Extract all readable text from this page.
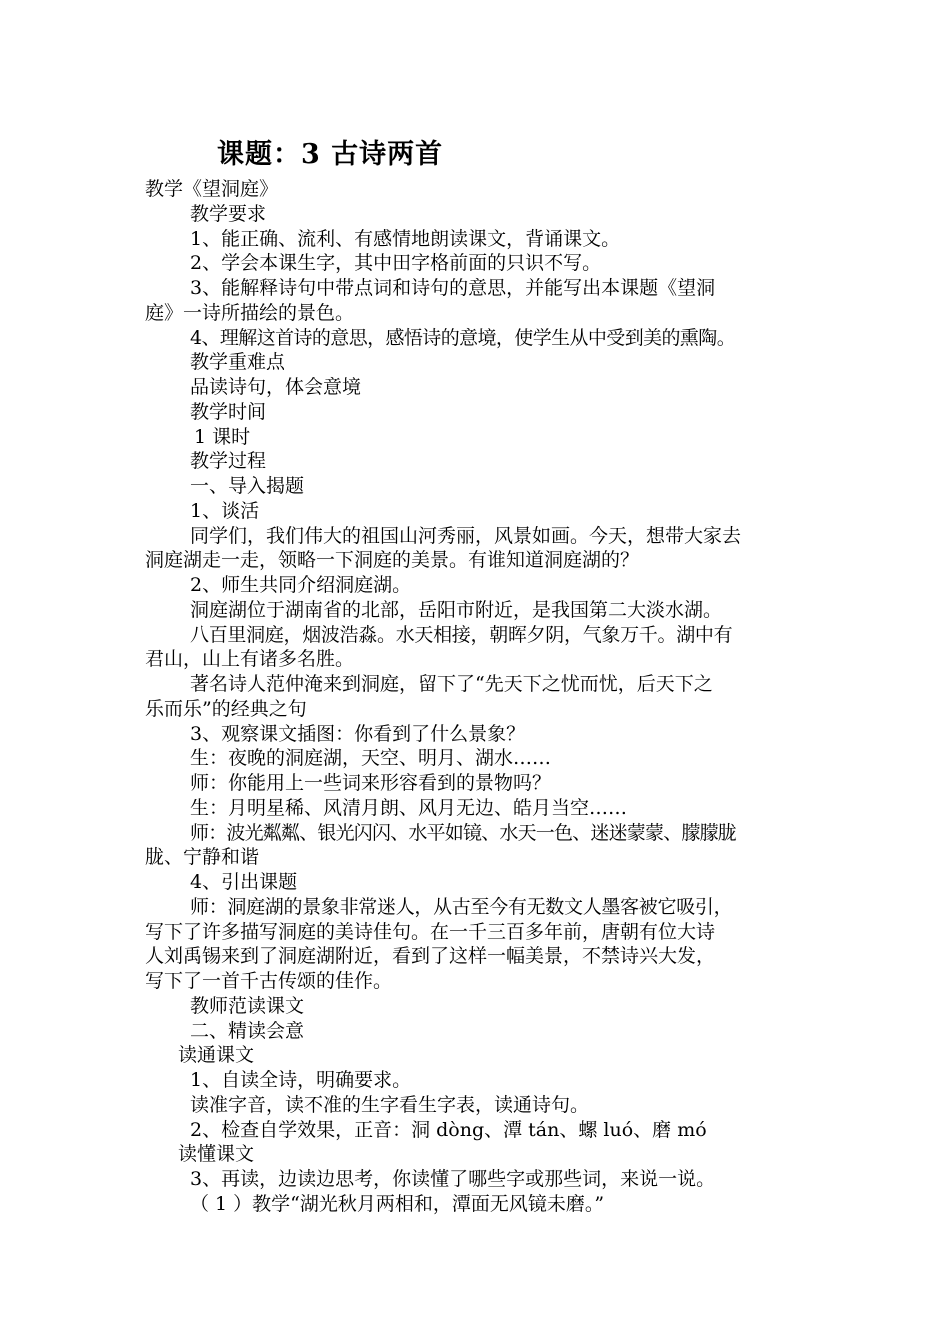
课题：3 古诗两首
教学《望洞庭》
教学要求
1、能正确、流利、有感情地朗读课文，背诵课文。
2、学会本课生字，其中田字格前面的只识不写。
3、能解释诗句中带点词和诗句的意思，并能写出本课题《望洞
庭》一诗所描绘的景色。
4、理解这首诗的意思，感悟诗的意境，使学生从中受到美的熏陶。
教学重难点
品读诗句，体会意境
教学时间
1 课时
教学过程
一、导入揭题
1、谈活
同学们，我们伟大的祖国山河秀丽，风景如画。今天，想带大家去
洞庭湖走一走，领略一下洞庭的美景。有谁知道洞庭湖的？
2、师生共同介绍洞庭湖。
洞庭湖位于湖南省的北部，岳阳市附近，是我国第二大淡水湖。
八百里洞庭，烟波浩淼。水天相接，朝晖夕阴，气象万千。湖中有
君山，山上有诸多名胜。
著名诗人范仲淹来到洞庭，留下了“先天下之忧而忧，后天下之
乐而乐”的经典之句
3、观察课文插图：你看到了什么景象？
生：夜晚的洞庭湖，天空、明月、湖水……
师：你能用上一些词来形容看到的景物吗？
生：月明星稀、风清月朗、风月无边、皓月当空……
师：波光粼粼、银光闪闪、水平如镜、水天一色、迷迷蒙蒙、朦朦胧
胧、宁静和谐
4、引出课题
师：洞庭湖的景象非常迷人，从古至今有无数文人墨客被它吸引，
写下了许多描写洞庭的美诗佳句。在一千三百多年前，唐朝有位大诗
人刘禹锡来到了洞庭湖附近，看到了这样一幅美景，不禁诗兴大发，
写下了一首千古传颂的佳作。
教师范读课文
二、精读会意
读通课文
1、自读全诗，明确要求。
读准字音，读不准的生字看生字表，读通诗句。
2、检查自学效果，正音：洞 dòng、潭 tán、螺 luó、磨 mó
读懂课文
3、再读，边读边思考，你读懂了哪些字或那些词，来说一说。
（ 1 ）教学“湖光秋月两相和，潭面无风镜未磨。”
